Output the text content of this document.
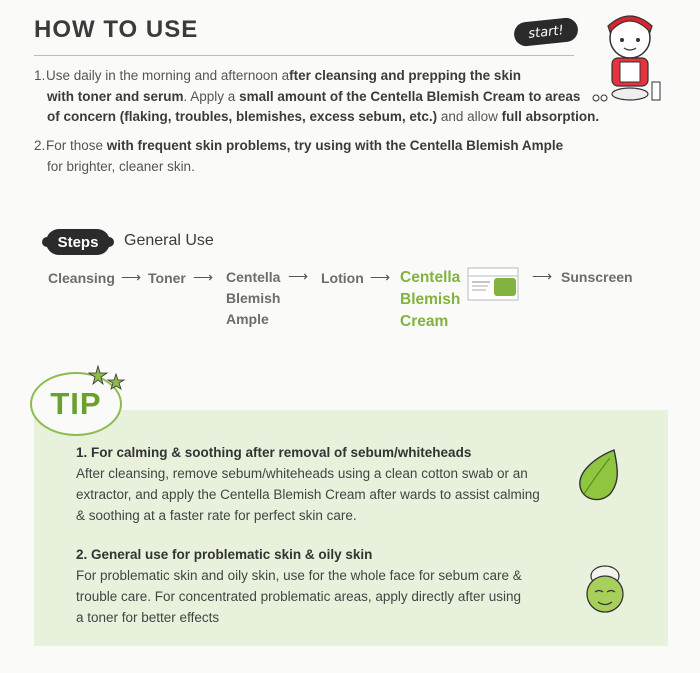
HOW TO USE	start!
1.Use daily in the morning and afternoon after cleansing and prepping the skin
with toner and serum. Apply a small amount of the Centella Blemish Cream to areas
of concern (flaking, troubles, blemishes, excess sebum, etc.) and allow full absorption.
2.For those with frequent skin problems, try using with the Centella Blemish Ample
for brighter, cleaner skin.
Steps	General Use
Cleansing ⟶ Toner ⟶ Centella
Blemish
Ample
⟶ Lotion ⟶ Centella
Blemish
Cream
⟶ Sunscreen
TIP
1. For calming & soothing after removal of sebum/whiteheads
After cleansing, remove sebum/whiteheads using a clean cotton swab or an
extractor, and apply the Centella Blemish Cream after wards to assist calming
& soothing at a faster rate for perfect skin care.
2. General use for problematic skin & oily skin
For problematic skin and oily skin, use for the whole face for sebum care &
trouble care. For concentrated problematic areas, apply directly after using
a toner for better effects
